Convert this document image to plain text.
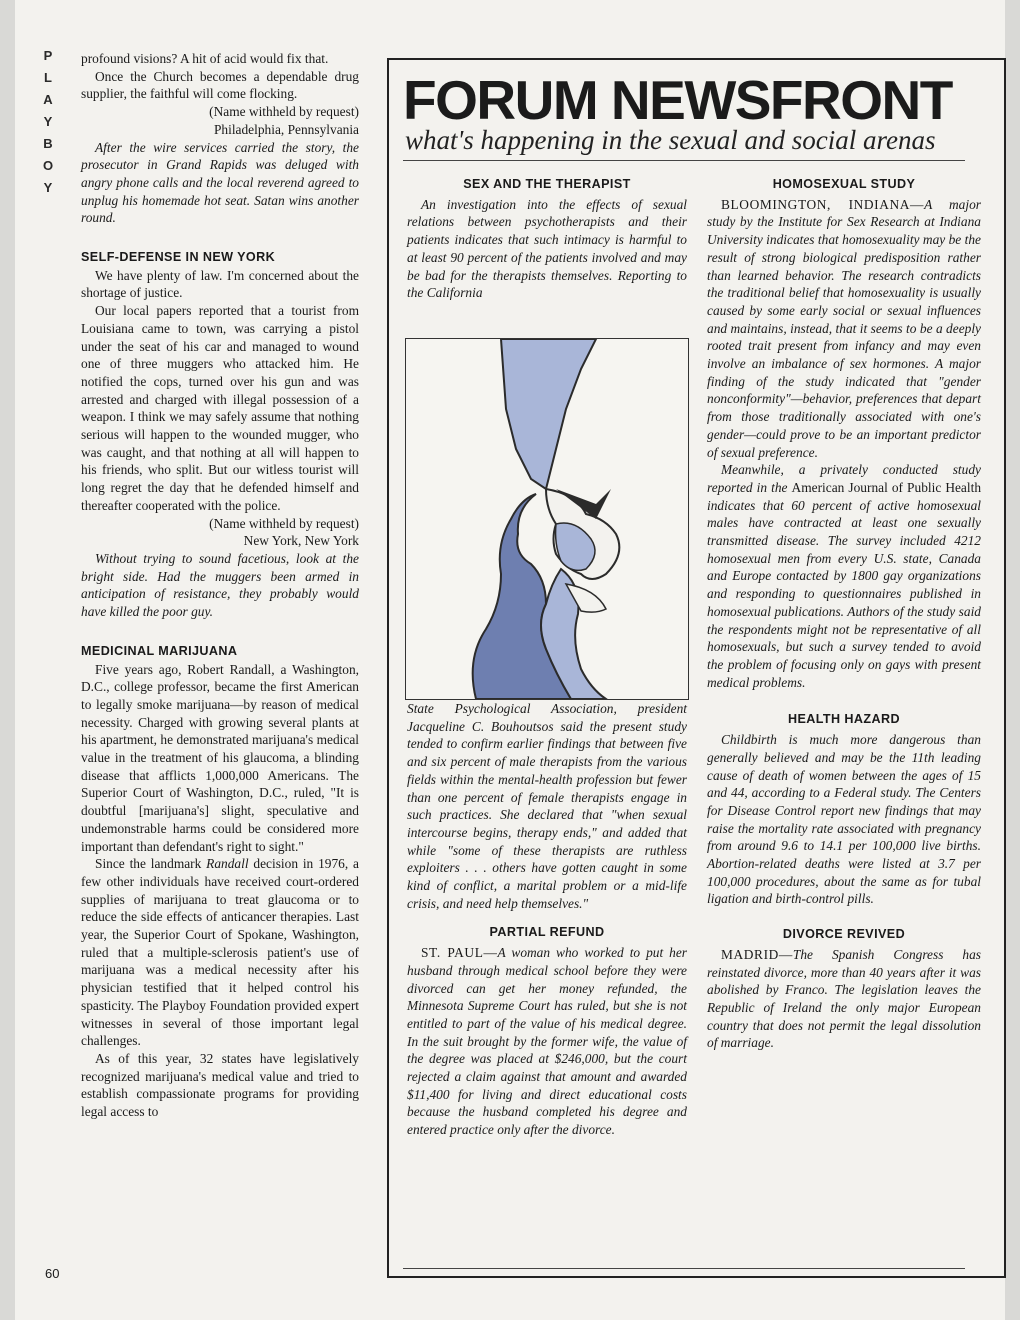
P
L
A
Y
B
O
Y

profound visions? A hit of acid would fix that.

Once the Church becomes a dependable drug supplier, the faithful will come flocking.

(Name withheld by request)

Philadelphia, Pennsylvania

After the wire services carried the story, the prosecutor in Grand Rapids was deluged with angry phone calls and the local reverend agreed to unplug his homemade hot seat. Satan wins another round.

SELF-DEFENSE IN NEW YORK

We have plenty of law. I'm concerned about the shortage of justice.

Our local papers reported that a tourist from Louisiana came to town, was carrying a pistol under the seat of his car and managed to wound one of three muggers who attacked him. He notified the cops, turned over his gun and was arrested and charged with illegal possession of a weapon. I think we may safely assume that nothing serious will happen to the wounded mugger, who was caught, and that nothing at all will happen to his friends, who split. But our witless tourist will long regret the day that he defended himself and thereafter cooperated with the police.

(Name withheld by request)

New York, New York

Without trying to sound facetious, look at the bright side. Had the muggers been armed in anticipation of resistance, they probably would have killed the poor guy.

MEDICINAL MARIJUANA

Five years ago, Robert Randall, a Washington, D.C., college professor, became the first American to legally smoke marijuana—by reason of medical necessity. Charged with growing several plants at his apartment, he demonstrated marijuana's medical value in the treatment of his glaucoma, a blinding disease that afflicts 1,000,000 Americans. The Superior Court of Washington, D.C., ruled, "It is doubtful [marijuana's] slight, speculative and undemonstrable harms could be considered more important than defendant's right to sight."

Since the landmark Randall decision in 1976, a few other individuals have received court-ordered supplies of marijuana to treat glaucoma or to reduce the side effects of anticancer therapies. Last year, the Superior Court of Spokane, Washington, ruled that a multiple-sclerosis patient's use of marijuana was a medical necessity after his physician testified that it helped control his spasticity. The Playboy Foundation provided expert witnesses in several of those important legal challenges.

As of this year, 32 states have legislatively recognized marijuana's medical value and tried to establish compassionate programs for providing legal access to

60
FORUM NEWSFRONT
what's happening in the sexual and social arenas

SEX AND THE THERAPIST

An investigation into the effects of sexual relations between psychotherapists and their patients indicates that such intimacy is harmful to at least 90 percent of the patients involved and may be bad for the therapists themselves. Reporting to the California

State Psychological Association, president Jacqueline C. Bouhoutsos said the present study tended to confirm earlier findings that between five and six percent of male therapists from the various fields within the mental-health profession but fewer than one percent of female therapists engage in such practices. She declared that "when sexual intercourse begins, therapy ends," and added that while "some of these therapists are ruthless exploiters . . . others have gotten caught in some kind of conflict, a marital problem or a mid-life crisis, and need help themselves."

PARTIAL REFUND

ST. PAUL—A woman who worked to put her husband through medical school before they were divorced can get her money refunded, the Minnesota Supreme Court has ruled, but she is not entitled to part of the value of his medical degree. In the suit brought by the former wife, the value of the degree was placed at $246,000, but the court rejected a claim against that amount and awarded $11,400 for living and direct educational costs because the husband completed his degree and entered practice only after the divorce.

HOMOSEXUAL STUDY

BLOOMINGTON, INDIANA—A major study by the Institute for Sex Research at Indiana University indicates that homosexuality may be the result of strong biological predisposition rather than learned behavior. The research contradicts the traditional belief that homosexuality is usually caused by some early social or sexual influences and maintains, instead, that it seems to be a deeply rooted trait present from infancy and may even involve an imbalance of sex hormones. A major finding of the study indicated that "gender nonconformity"—behavior, preferences that depart from those traditionally associated with one's gender—could prove to be an important predictor of sexual preference.

Meanwhile, a privately conducted study reported in the American Journal of Public Health indicates that 60 percent of active homosexual males have contracted at least one sexually transmitted disease. The survey included 4212 homosexual men from every U.S. state, Canada and Europe contacted by 1800 gay organizations and responding to questionnaires published in homosexual publications. Authors of the study said the respondents might not be representative of all homosexuals, but such a survey tended to avoid the problem of focusing only on gays with present medical problems.

HEALTH HAZARD

Childbirth is much more dangerous than generally believed and may be the 11th leading cause of death of women between the ages of 15 and 44, according to a Federal study. The Centers for Disease Control report new findings that may raise the mortality rate associated with pregnancy from around 9.6 to 14.1 per 100,000 live births. Abortion-related deaths were listed at 3.7 per 100,000 procedures, about the same as for tubal ligation and birth-control pills.

DIVORCE REVIVED

MADRID—The Spanish Congress has reinstated divorce, more than 40 years after it was abolished by Franco. The legislation leaves the Republic of Ireland the only major European country that does not permit the legal dissolution of marriage.
